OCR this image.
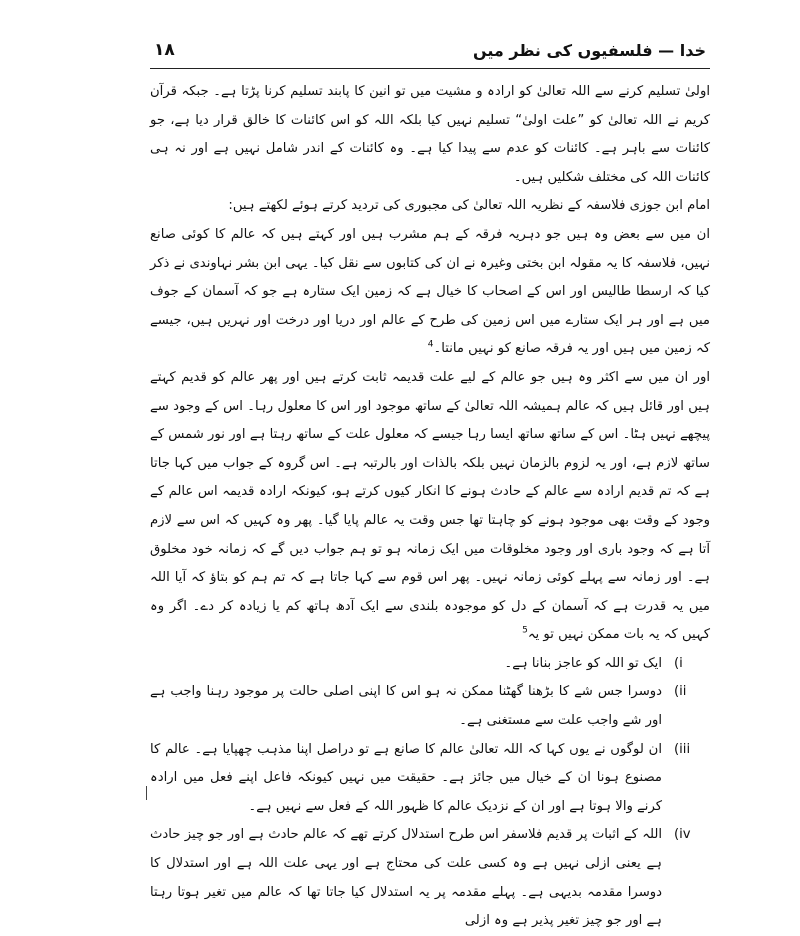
۱۸	خدا — فلسفیوں کی نظر میں

اولیٰ تسلیم کرنے سے اللہ تعالیٰ کو ارادہ و مشیت میں تو انین کا پابند تسلیم کرنا پڑتا ہے۔ جبکہ قرآن کریم نے اللہ تعالیٰ کو ”علت اولیٰ“ تسلیم نہیں کیا بلکہ اللہ کو اس کائنات کا خالق قرار دیا ہے، جو کائنات سے باہر ہے۔ کائنات کو عدم سے پیدا کیا ہے۔ وہ کائنات کے اندر شامل نہیں ہے اور نہ ہی کائنات اللہ کی مختلف شکلیں ہیں۔

امام ابن جوزی فلاسفہ کے نظریہ اللہ تعالیٰ کی مجبوری کی تردید کرتے ہوئے لکھتے ہیں:

ان میں سے بعض وہ ہیں جو دہریہ فرقہ کے ہم مشرب ہیں اور کہتے ہیں کہ عالم کا کوئی صانع نہیں، فلاسفہ کا یہ مقولہ ابن بختی وغیرہ نے ان کی کتابوں سے نقل کیا۔ یہی ابن بشر نہاوندی نے ذکر کیا کہ ارسطا طالیس اور اس کے اصحاب کا خیال ہے کہ زمین ایک ستارہ ہے جو کہ آسمان کے جوف میں ہے اور ہر ایک ستارے میں اس زمین کی طرح کے عالم اور دریا اور درخت اور نہریں ہیں، جیسے کہ زمین میں ہیں اور یہ فرقہ صانع کو نہیں مانتا۔$^4$

اور ان میں سے اکثر وہ ہیں جو عالم کے لیے علت قدیمہ ثابت کرتے ہیں اور پھر عالم کو قدیم کہتے ہیں اور قائل ہیں کہ عالم ہمیشہ اللہ تعالیٰ کے ساتھ موجود اور اس کا معلول رہا۔ اس کے وجود سے پیچھے نہیں ہٹا۔ اس کے ساتھ ساتھ ایسا رہا جیسے کہ معلول علت کے ساتھ رہتا ہے اور نور شمس کے ساتھ لازم ہے، اور یہ لزوم بالزمان نہیں بلکہ بالذات اور بالرتبہ ہے۔ اس گروہ کے جواب میں کہا جاتا ہے کہ تم قدیم ارادہ سے عالم کے حادث ہونے کا انکار کیوں کرتے ہو، کیونکہ ارادہ قدیمہ اس عالم کے وجود کے وقت بھی موجود ہونے کو چاہتا تھا جس وقت یہ عالم پایا گیا۔ پھر وہ کہیں کہ اس سے لازم آتا ہے کہ وجود باری اور وجود مخلوقات میں ایک زمانہ ہو تو ہم جواب دیں گے کہ زمانہ خود مخلوق ہے۔ اور زمانہ سے پہلے کوئی زمانہ نہیں۔ پھر اس قوم سے کہا جاتا ہے کہ تم ہم کو بتاؤ کہ آیا اللہ میں یہ قدرت ہے کہ آسمان کے دل کو موجودہ بلندی سے ایک آدھ ہاتھ کم یا زیادہ کر دے۔ اگر وہ کہیں کہ یہ بات ممکن نہیں تو یہ$^5$

(i
ایک تو اللہ کو عاجز بنانا ہے۔
(ii
دوسرا جس شے کا بڑھنا گھٹنا ممکن نہ ہو اس کا اپنی اصلی حالت پر موجود رہنا واجب ہے اور شے واجب علت سے مستغنی ہے۔
(iii
ان لوگوں نے یوں کہا کہ اللہ تعالیٰ عالم کا صانع ہے تو دراصل اپنا مذہب چھپایا ہے۔ عالم کا مصنوع ہونا ان کے خیال میں جائز ہے۔ حقیقت میں نہیں کیونکہ فاعل اپنے فعل میں ارادہ کرنے والا ہوتا ہے اور ان کے نزدیک عالم کا ظہور اللہ کے فعل سے نہیں ہے۔
(iv
اللہ کے اثبات پر قدیم فلاسفر اس طرح استدلال کرتے تھے کہ عالم حادث ہے اور جو چیز حادث ہے یعنی ازلی نہیں ہے وہ کسی علت کی محتاج ہے اور یہی علت اللہ ہے اور استدلال کا دوسرا مقدمہ بدیہی ہے۔ پہلے مقدمہ پر یہ استدلال کیا جاتا تھا کہ عالم میں تغیر ہوتا رہتا ہے اور جو چیز تغیر پذیر ہے وہ ازلی
